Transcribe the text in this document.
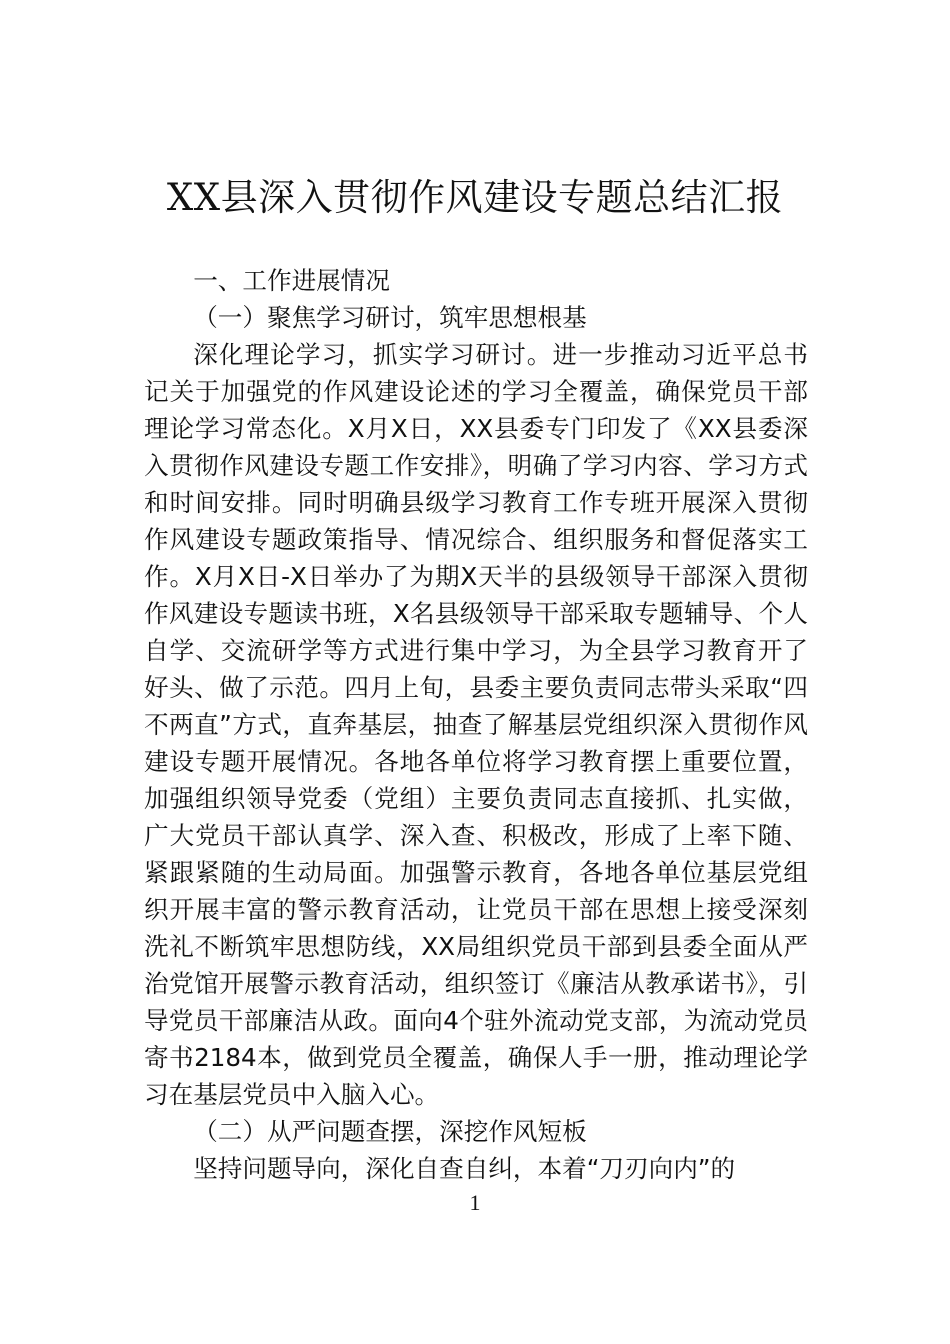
XX县深入贯彻作风建设专题总结汇报

一、工作进展情况

（一）聚焦学习研讨，筑牢思想根基

深化理论学习，抓实学习研讨。进一步推动习近平总书记关于加强党的作风建设论述的学习全覆盖，确保党员干部理论学习常态化。X月X日，XX县委专门印发了《XX县委深入贯彻作风建设专题工作安排》，明确了学习内容、学习方式和时间安排。同时明确县级学习教育工作专班开展深入贯彻作风建设专题政策指导、情况综合、组织服务和督促落实工作。X月X日-X日举办了为期X天半的县级领导干部深入贯彻作风建设专题读书班，X名县级领导干部采取专题辅导、个人自学、交流研学等方式进行集中学习，为全县学习教育开了好头、做了示范。四月上旬，县委主要负责同志带头采取“四不两直”方式，直奔基层，抽查了解基层党组织深入贯彻作风建设专题开展情况。各地各单位将学习教育摆上重要位置，加强组织领导党委（党组）主要负责同志直接抓、扎实做，广大党员干部认真学、深入查、积极改，形成了上率下随、紧跟紧随的生动局面。加强警示教育，各地各单位基层党组织开展丰富的警示教育活动，让党员干部在思想上接受深刻洗礼不断筑牢思想防线，XX局组织党员干部到县委全面从严治党馆开展警示教育活动，组织签订《廉洁从教承诺书》，引导党员干部廉洁从政。面向4个驻外流动党支部，为流动党员寄书2184本，做到党员全覆盖，确保人手一册，推动理论学习在基层党员中入脑入心。

（二）从严问题查摆，深挖作风短板

坚持问题导向，深化自查自纠，本着“刀刃向内”的

1
